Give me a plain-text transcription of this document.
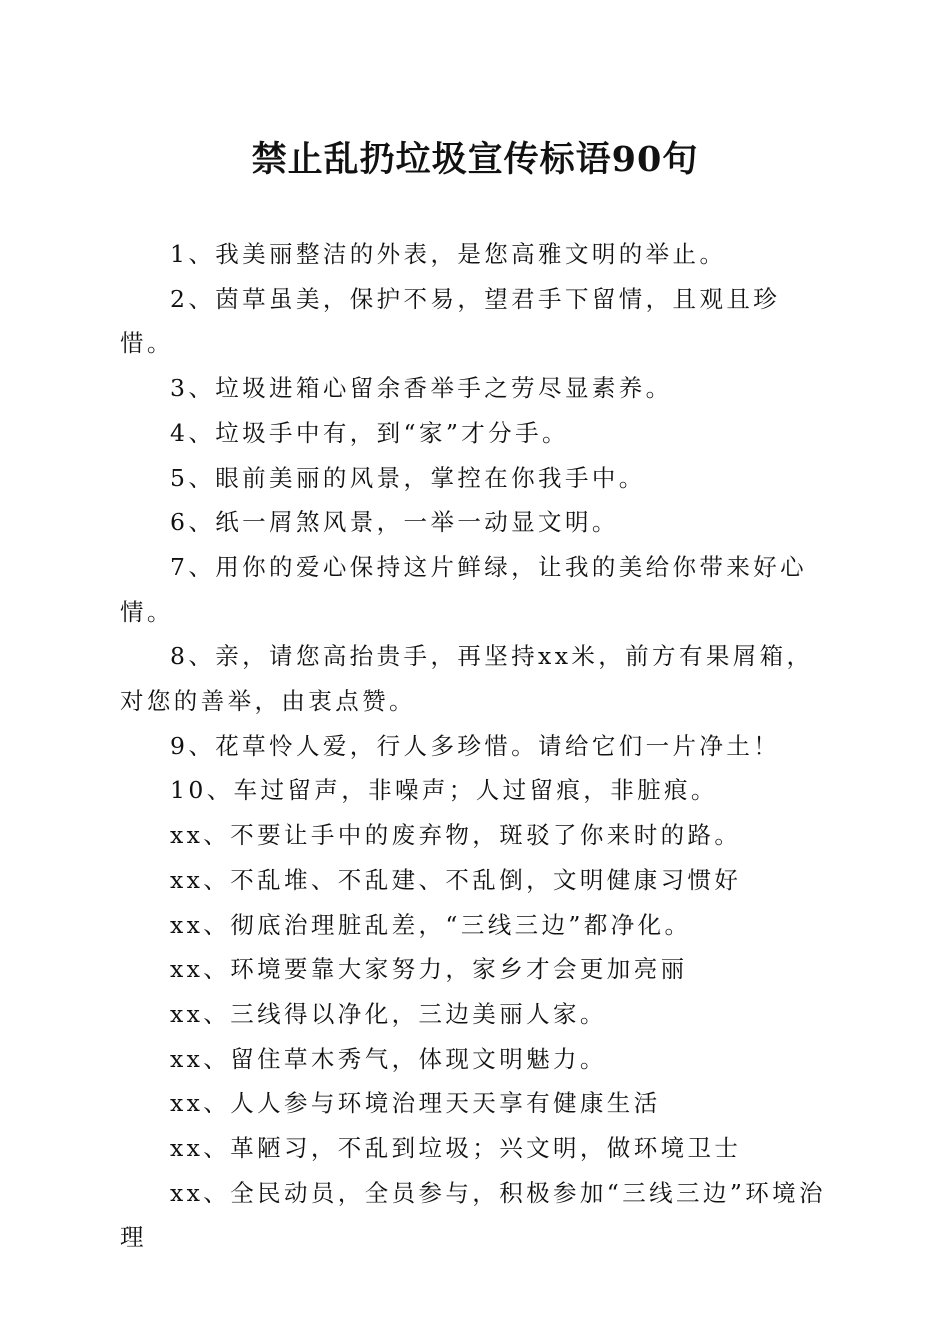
禁止乱扔垃圾宣传标语90句

1、我美丽整洁的外表，是您高雅文明的举止。

2、茵草虽美，保护不易，望君手下留情，且观且珍惜。

3、垃圾进箱心留余香举手之劳尽显素养。

4、垃圾手中有，到“家”才分手。

5、眼前美丽的风景，掌控在你我手中。

6、纸一屑煞风景，一举一动显文明。

7、用你的爱心保持这片鲜绿，让我的美给你带来好心情。

8、亲，请您高抬贵手，再坚持xx米，前方有果屑箱，对您的善举，由衷点赞。

9、花草怜人爱，行人多珍惜。请给它们一片净土！

10、车过留声，非噪声；人过留痕，非脏痕。

xx、不要让手中的废弃物，斑驳了你来时的路。

xx、不乱堆、不乱建、不乱倒，文明健康习惯好

xx、彻底治理脏乱差，“三线三边”都净化。

xx、环境要靠大家努力，家乡才会更加亮丽

xx、三线得以净化，三边美丽人家。

xx、留住草木秀气，体现文明魅力。

xx、人人参与环境治理天天享有健康生活

xx、革陋习，不乱到垃圾；兴文明，做环境卫士

xx、全民动员，全员参与，积极参加“三线三边”环境治理
